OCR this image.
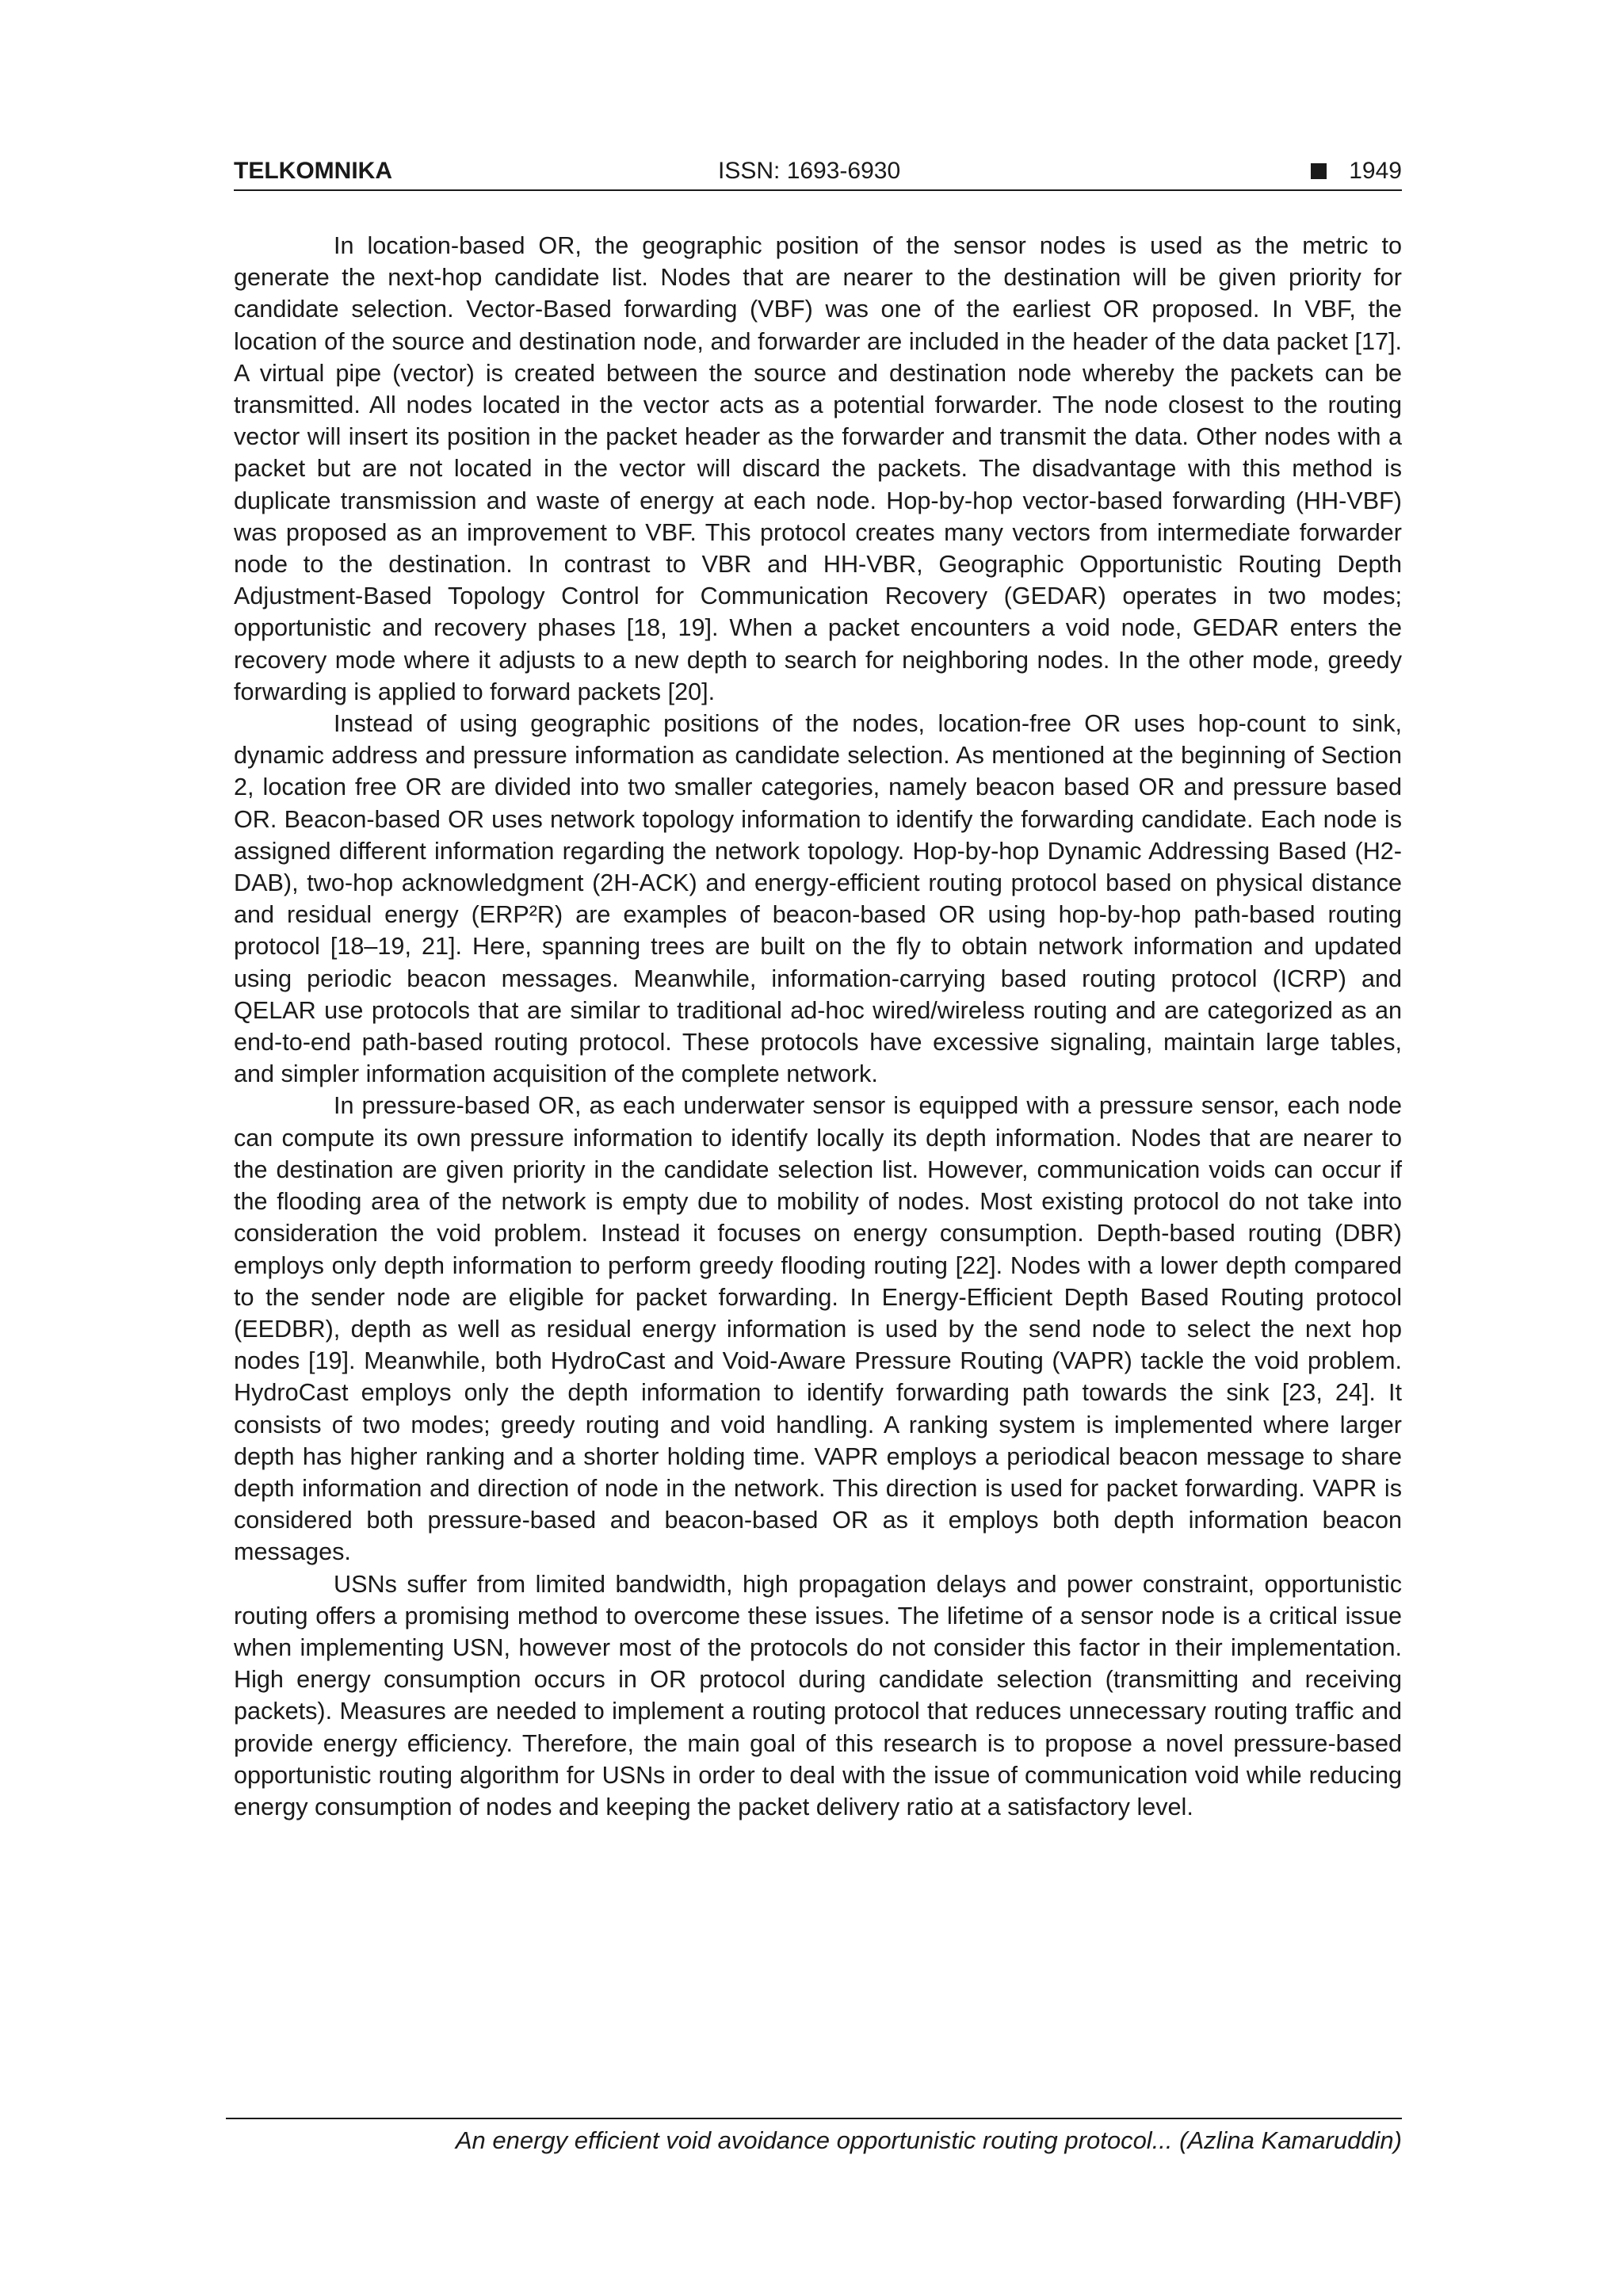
TELKOMNIKA	ISSN: 1693-6930	1949

In location-based OR, the geographic position of the sensor nodes is used as the metric to generate the next-hop candidate list. Nodes that are nearer to the destination will be given priority for candidate selection. Vector-Based forwarding (VBF) was one of the earliest OR proposed. In VBF, the location of the source and destination node, and forwarder are included in the header of the data packet [17]. A virtual pipe (vector) is created between the source and destination node whereby the packets can be transmitted. All nodes located in the vector acts as a potential forwarder. The node closest to the routing vector will insert its position in the packet header as the forwarder and transmit the data. Other nodes with a packet but are not located in the vector will discard the packets. The disadvantage with this method is duplicate transmission and waste of energy at each node. Hop-by-hop vector-based forwarding (HH-VBF) was proposed as an improvement to VBF. This protocol creates many vectors from intermediate forwarder node to the destination. In contrast to VBR and HH-VBR, Geographic Opportunistic Routing Depth Adjustment-Based Topology Control for Communication Recovery (GEDAR) operates in two modes; opportunistic and recovery phases [18, 19]. When a packet encounters a void node, GEDAR enters the recovery mode where it adjusts to a new depth to search for neighboring nodes. In the other mode, greedy forwarding is applied to forward packets [20].

Instead of using geographic positions of the nodes, location-free OR uses hop-count to sink, dynamic address and pressure information as candidate selection. As mentioned at the beginning of Section 2, location free OR are divided into two smaller categories, namely beacon based OR and pressure based OR. Beacon-based OR uses network topology information to identify the forwarding candidate. Each node is assigned different information regarding the network topology. Hop-by-hop Dynamic Addressing Based (H2-DAB), two-hop acknowledgment (2H-ACK) and energy-efficient routing protocol based on physical distance and residual energy (ERP²R) are examples of beacon-based OR using hop-by-hop path-based routing protocol [18–19, 21]. Here, spanning trees are built on the fly to obtain network information and updated using periodic beacon messages. Meanwhile, information-carrying based routing protocol (ICRP) and QELAR use protocols that are similar to traditional ad-hoc wired/wireless routing and are categorized as an end-to-end path-based routing protocol. These protocols have excessive signaling, maintain large tables, and simpler information acquisition of the complete network.

In pressure-based OR, as each underwater sensor is equipped with a pressure sensor, each node can compute its own pressure information to identify locally its depth information. Nodes that are nearer to the destination are given priority in the candidate selection list. However, communication voids can occur if the flooding area of the network is empty due to mobility of nodes. Most existing protocol do not take into consideration the void problem. Instead it focuses on energy consumption. Depth-based routing (DBR) employs only depth information to perform greedy flooding routing [22]. Nodes with a lower depth compared to the sender node are eligible for packet forwarding. In Energy-Efficient Depth Based Routing protocol (EEDBR), depth as well as residual energy information is used by the send node to select the next hop nodes [19]. Meanwhile, both HydroCast and Void-Aware Pressure Routing (VAPR) tackle the void problem. HydroCast employs only the depth information to identify forwarding path towards the sink [23, 24]. It consists of two modes; greedy routing and void handling. A ranking system is implemented where larger depth has higher ranking and a shorter holding time. VAPR employs a periodical beacon message to share depth information and direction of node in the network. This direction is used for packet forwarding. VAPR is considered both pressure-based and beacon-based OR as it employs both depth information beacon messages.

USNs suffer from limited bandwidth, high propagation delays and power constraint, opportunistic routing offers a promising method to overcome these issues. The lifetime of a sensor node is a critical issue when implementing USN, however most of the protocols do not consider this factor in their implementation. High energy consumption occurs in OR protocol during candidate selection (transmitting and receiving packets). Measures are needed to implement a routing protocol that reduces unnecessary routing traffic and provide energy efficiency. Therefore, the main goal of this research is to propose a novel pressure-based opportunistic routing algorithm for USNs in order to deal with the issue of communication void while reducing energy consumption of nodes and keeping the packet delivery ratio at a satisfactory level.

An energy efficient void avoidance opportunistic routing protocol... (Azlina Kamaruddin)
